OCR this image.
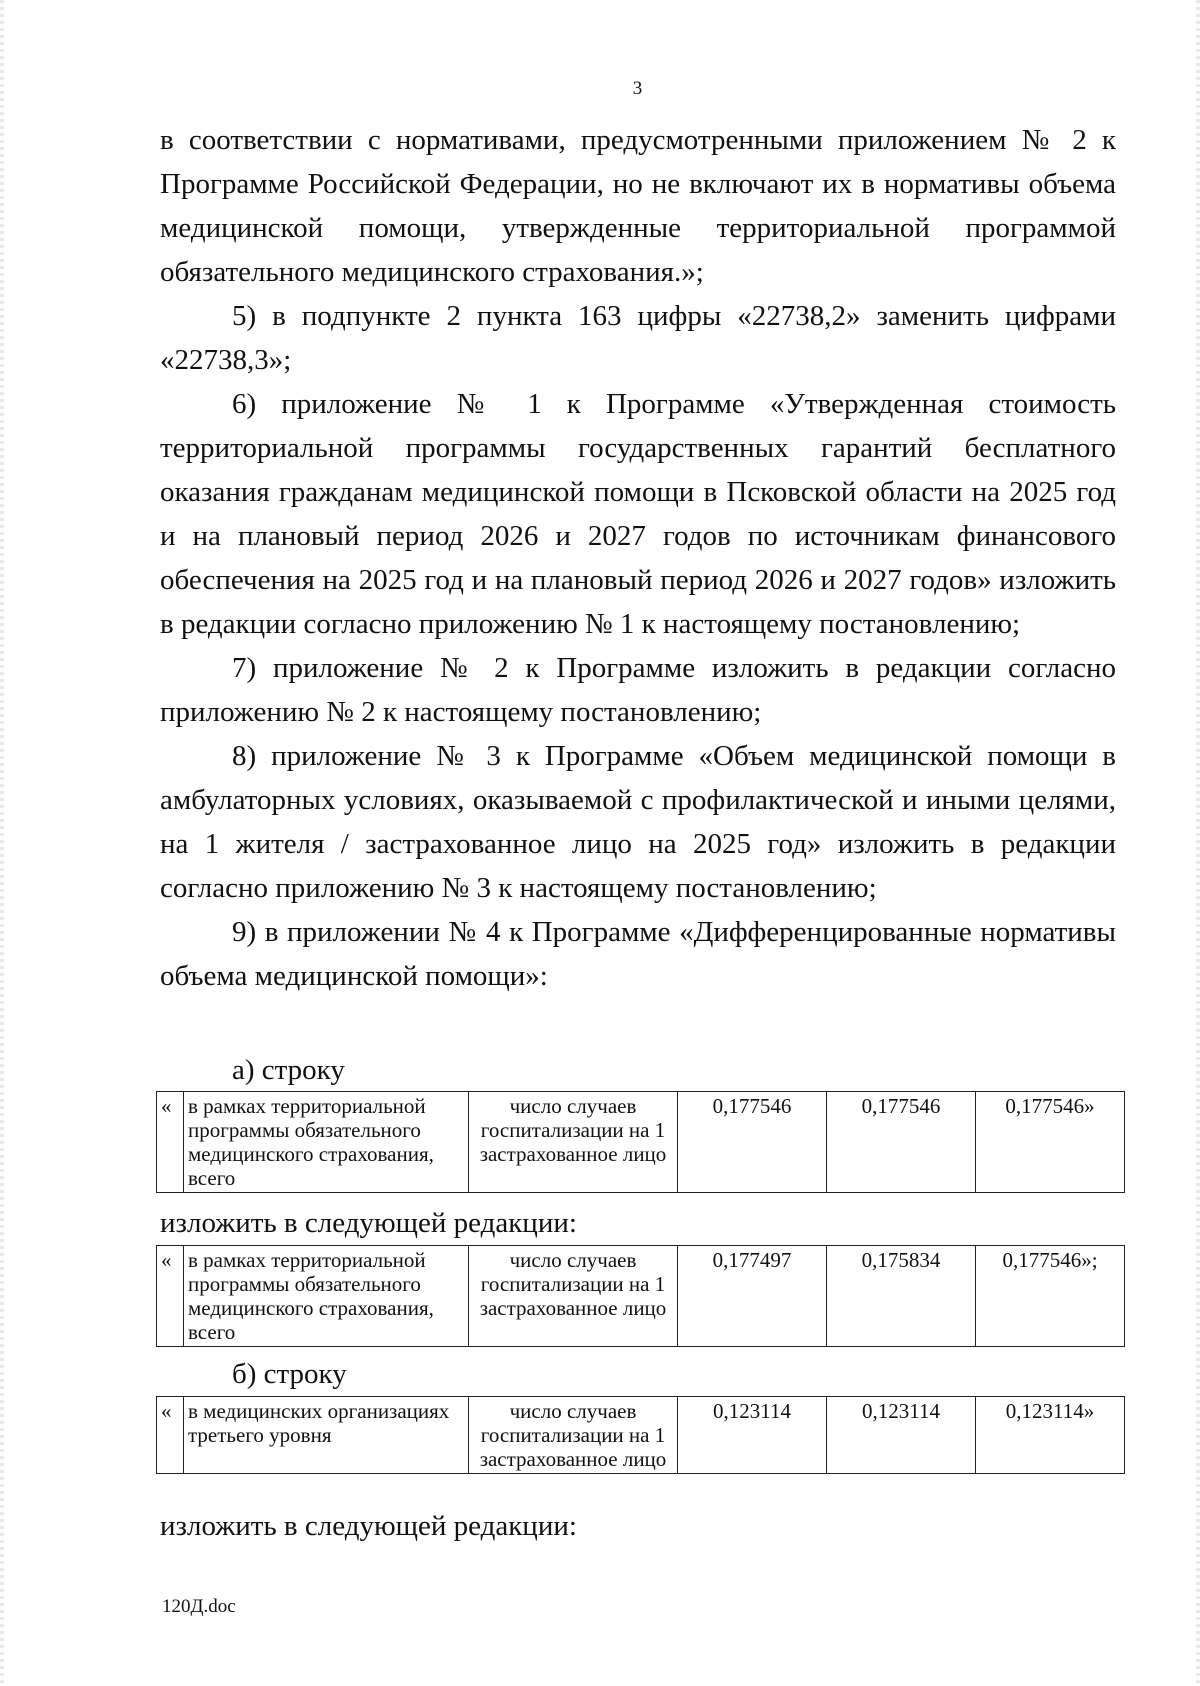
3

в соответствии с нормативами, предусмотренными приложением № 2 к Программе Российской Федерации, но не включают их в нормативы объема медицинской помощи, утвержденные территориальной программой обязательного медицинского страхования.»;

5) в подпункте 2 пункта 163 цифры «22738,2» заменить цифрами «22738,3»;

6) приложение № 1 к Программе «Утвержденная стоимость территориальной программы государственных гарантий бесплатного оказания гражданам медицинской помощи в Псковской области на 2025 год и на плановый период 2026 и 2027 годов по источникам финансового обеспечения на 2025 год и на плановый период 2026 и 2027 годов» изложить в редакции согласно приложению № 1 к настоящему постановлению;

7) приложение № 2 к Программе изложить в редакции согласно приложению № 2 к настоящему постановлению;

8) приложение № 3 к Программе «Объем медицинской помощи в амбулаторных условиях, оказываемой с профилактической и иными целями, на 1 жителя / застрахованное лицо на 2025 год» изложить в редакции согласно приложению № 3 к настоящему постановлению;

9) в приложении № 4 к Программе «Дифференцированные нормативы объема медицинской помощи»:

а) строку
«	в рамках территориальной программы обязательного медицинского страхования, всего	число случаев госпитализации на 1 застрахованное лицо	0,177546	0,177546	0,177546»
изложить в следующей редакции:
«	в рамках территориальной программы обязательного медицинского страхования, всего	число случаев госпитализации на 1 застрахованное лицо	0,177497	0,175834	0,177546»;
б) строку
«	в медицинских организациях третьего уровня	число случаев госпитализации на 1 застрахованное лицо	0,123114	0,123114	0,123114»
изложить в следующей редакции:
120Д.doc
